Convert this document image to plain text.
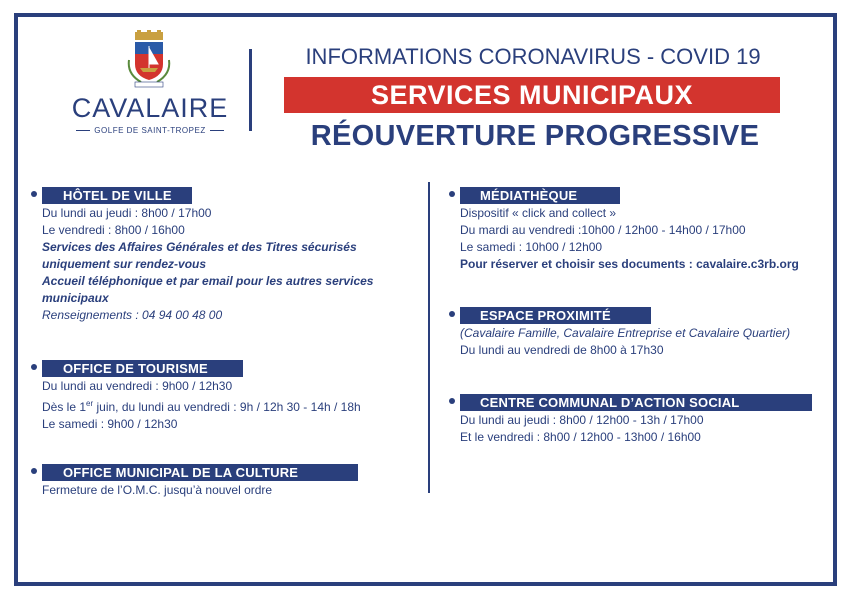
CAVALAIRE
GOLFE DE SAINT-TROPEZ
INFORMATIONS CORONAVIRUS - COVID 19
SERVICES MUNICIPAUX
RÉOUVERTURE PROGRESSIVE
HÔTEL DE VILLE
Du lundi au jeudi : 8h00 / 17h00
Le vendredi : 8h00 / 16h00
Services des Affaires Générales et des Titres sécurisés
uniquement sur rendez-vous
Accueil téléphonique et par email pour les autres services
municipaux
Renseignements : 04 94 00 48 00
OFFICE DE TOURISME
Du lundi au vendredi : 9h00 / 12h30
Dès le 1er juin, du lundi au vendredi : 9h / 12h 30 - 14h / 18h
Le samedi : 9h00 / 12h30
OFFICE MUNICIPAL DE LA CULTURE
Fermeture de l’O.M.C. jusqu’à nouvel ordre
MÉDIATHÈQUE
Dispositif « click and collect »
Du mardi au vendredi :10h00 / 12h00 - 14h00 / 17h00
Le samedi : 10h00 / 12h00
Pour réserver et choisir ses documents : cavalaire.c3rb.org
ESPACE PROXIMITÉ
(Cavalaire Famille, Cavalaire Entreprise et Cavalaire Quartier)
Du lundi au vendredi de 8h00 à 17h30
CENTRE COMMUNAL D’ACTION SOCIAL
Du lundi au jeudi : 8h00 / 12h00 - 13h / 17h00
Et le vendredi : 8h00 / 12h00 - 13h00 / 16h00
